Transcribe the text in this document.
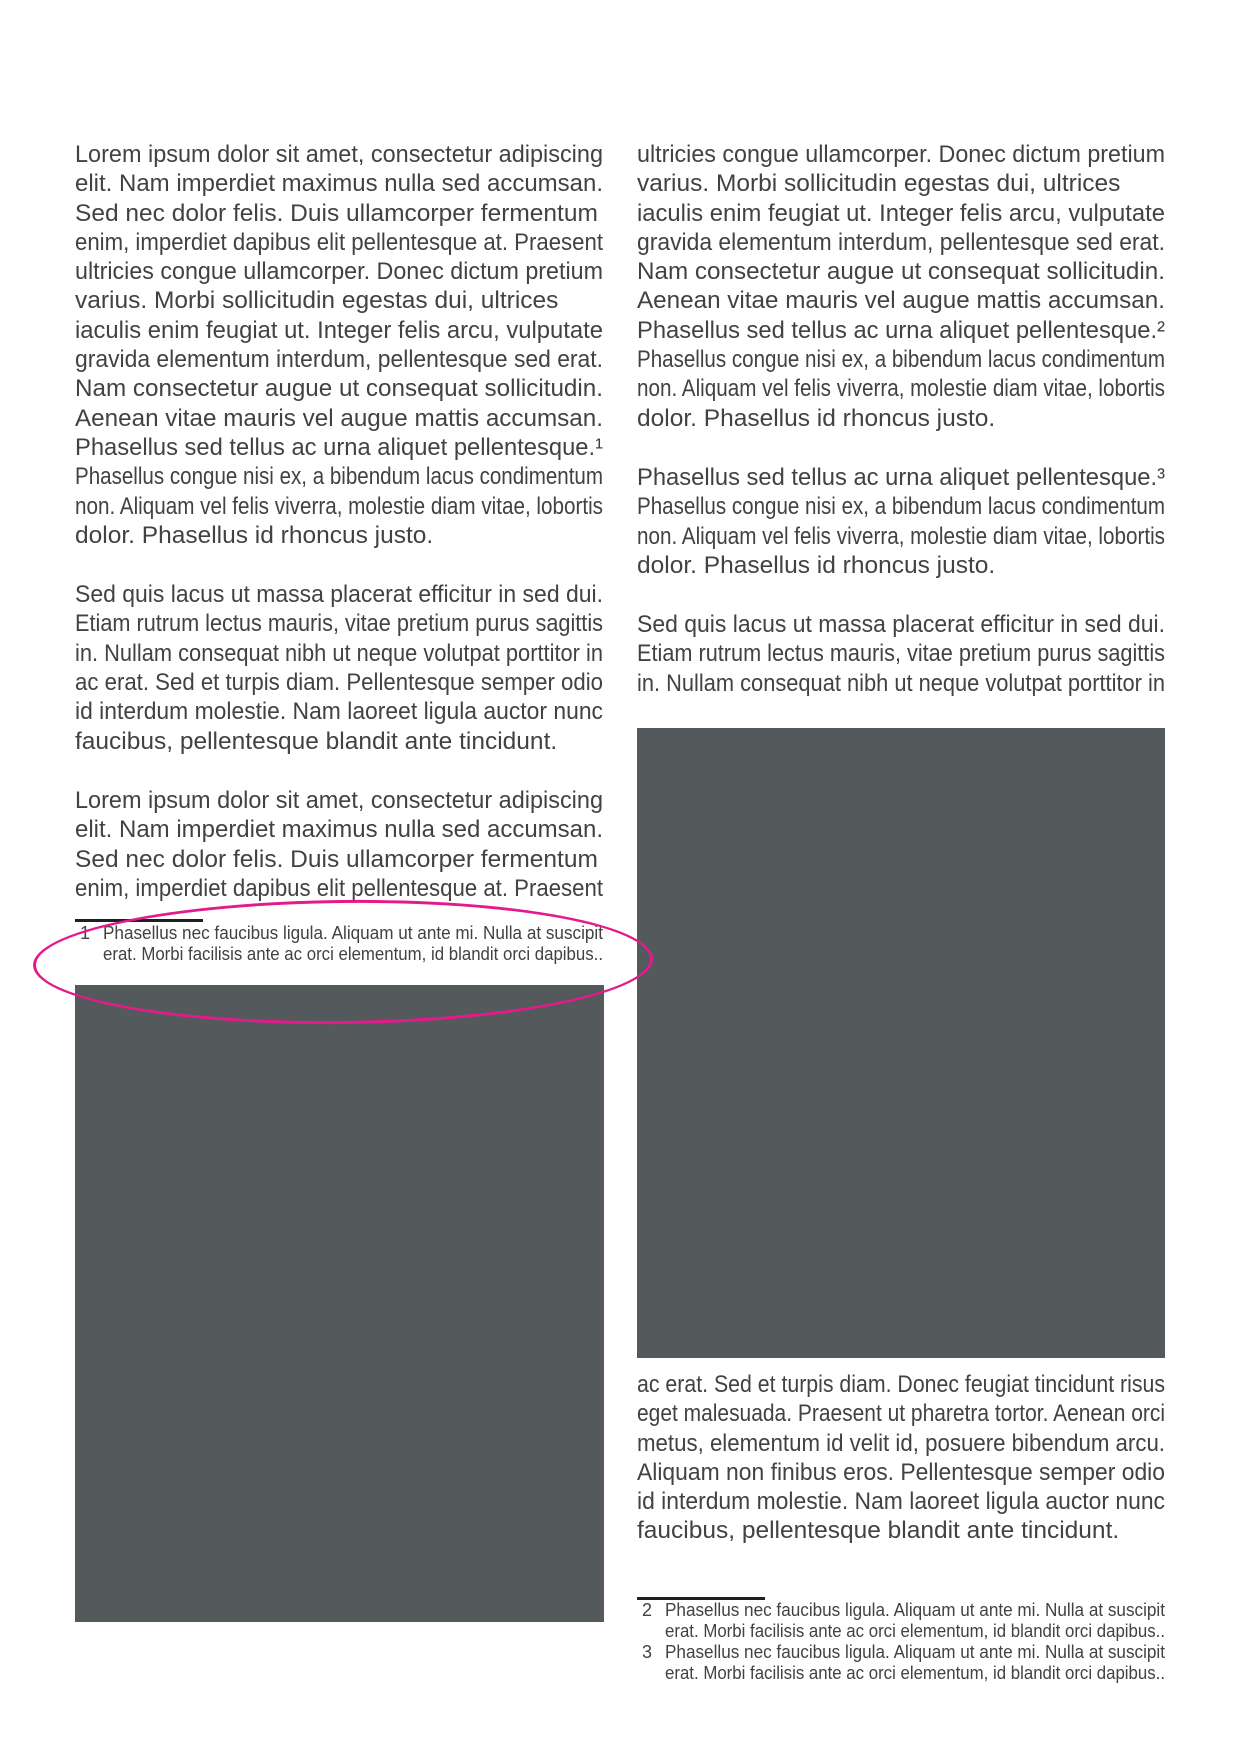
Lorem ipsum dolor sit amet, consectetur adipiscing
elit. Nam imperdiet maximus nulla sed accumsan.
Sed nec dolor felis. Duis ullamcorper fermentum
enim, imperdiet dapibus elit pellentesque at. Praesent
ultricies congue ullamcorper. Donec dictum pretium
varius. Morbi sollicitudin egestas dui, ultrices
iaculis enim feugiat ut. Integer felis arcu, vulputate
gravida elementum interdum, pellentesque sed erat.
Nam consectetur augue ut consequat sollicitudin.
Aenean vitae mauris vel augue mattis accumsan.
Phasellus sed tellus ac urna aliquet pellentesque.¹
Phasellus congue nisi ex, a bibendum lacus condimentum
non. Aliquam vel felis viverra, molestie diam vitae, lobortis
dolor. Phasellus id rhoncus justo.
Sed quis lacus ut massa placerat efficitur in sed dui.
Etiam rutrum lectus mauris, vitae pretium purus sagittis
in. Nullam consequat nibh ut neque volutpat porttitor in
ac erat. Sed et turpis diam. Pellentesque semper odio
id interdum molestie. Nam laoreet ligula auctor nunc
faucibus, pellentesque blandit ante tincidunt.
Lorem ipsum dolor sit amet, consectetur adipiscing
elit. Nam imperdiet maximus nulla sed accumsan.
Sed nec dolor felis. Duis ullamcorper fermentum
enim, imperdiet dapibus elit pellentesque at. Praesent
ultricies congue ullamcorper. Donec dictum pretium
varius. Morbi sollicitudin egestas dui, ultrices
iaculis enim feugiat ut. Integer felis arcu, vulputate
gravida elementum interdum, pellentesque sed erat.
Nam consectetur augue ut consequat sollicitudin.
Aenean vitae mauris vel augue mattis accumsan.
Phasellus sed tellus ac urna aliquet pellentesque.²
Phasellus congue nisi ex, a bibendum lacus condimentum
non. Aliquam vel felis viverra, molestie diam vitae, lobortis
dolor. Phasellus id rhoncus justo.
Phasellus sed tellus ac urna aliquet pellentesque.³
Phasellus congue nisi ex, a bibendum lacus condimentum
non. Aliquam vel felis viverra, molestie diam vitae, lobortis
dolor. Phasellus id rhoncus justo.
Sed quis lacus ut massa placerat efficitur in sed dui.
Etiam rutrum lectus mauris, vitae pretium purus sagittis
in. Nullam consequat nibh ut neque volutpat porttitor in
1 Phasellus nec faucibus ligula. Aliquam ut ante mi. Nulla at suscipit
erat. Morbi facilisis ante ac orci elementum, id blandit orci dapibus..
ac erat. Sed et turpis diam. Donec feugiat tincidunt risus
eget malesuada. Praesent ut pharetra tortor. Aenean orci
metus, elementum id velit id, posuere bibendum arcu.
Aliquam non finibus eros. Pellentesque semper odio
id interdum molestie. Nam laoreet ligula auctor nunc
faucibus, pellentesque blandit ante tincidunt.
2 Phasellus nec faucibus ligula. Aliquam ut ante mi. Nulla at suscipit
erat. Morbi facilisis ante ac orci elementum, id blandit orci dapibus..
3 Phasellus nec faucibus ligula. Aliquam ut ante mi. Nulla at suscipit
erat. Morbi facilisis ante ac orci elementum, id blandit orci dapibus..
